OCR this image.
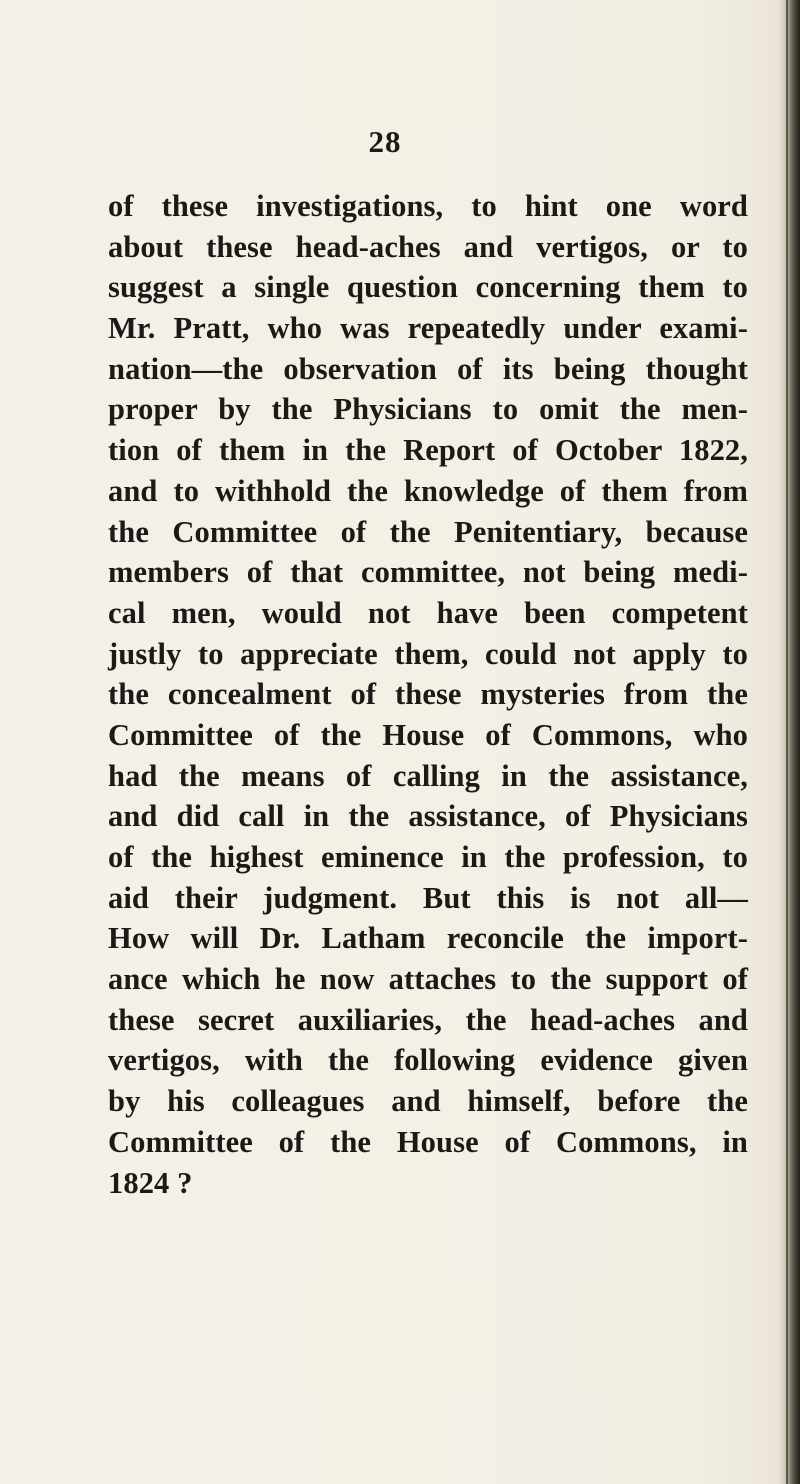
28
of these investigations, to hint one word
about these head-aches and vertigos, or to
suggest a single question concerning them to
Mr. Pratt, who was repeatedly under exami-
nation—the observation of its being thought
proper by the Physicians to omit the men-
tion of them in the Report of October 1822,
and to withhold the knowledge of them from
the Committee of the Penitentiary, because
members of that committee, not being medi-
cal men, would not have been competent
justly to appreciate them, could not apply to
the concealment of these mysteries from the
Committee of the House of Commons, who
had the means of calling in the assistance,
and did call in the assistance, of Physicians
of the highest eminence in the profession, to
aid their judgment. But this is not all—
How will Dr. Latham reconcile the import-
ance which he now attaches to the support of
these secret auxiliaries, the head-aches and
vertigos, with the following evidence given
by his colleagues and himself, before the
Committee of the House of Commons, in
1824 ?
